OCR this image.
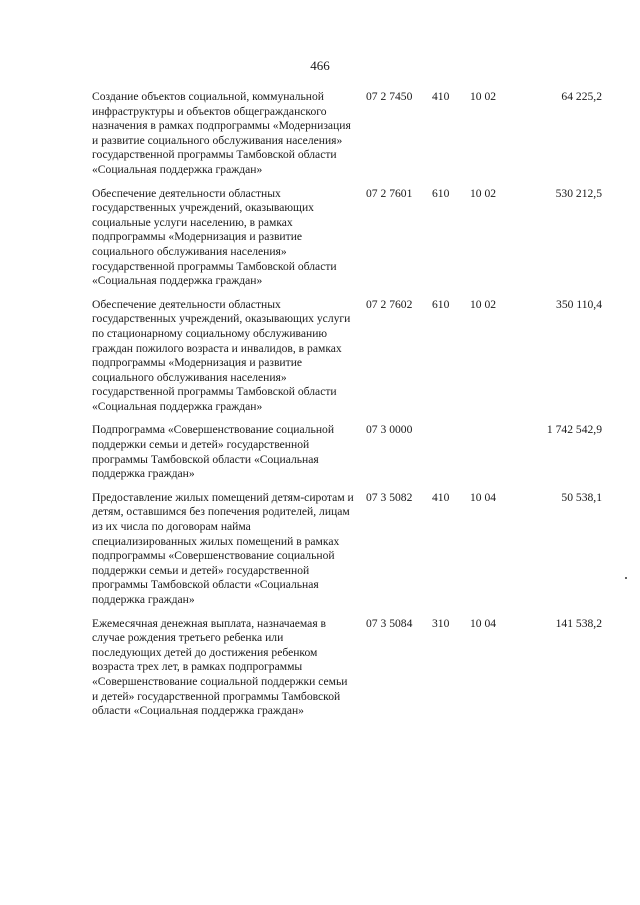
466
Создание объектов социальной, коммунальной инфраструктуры и объектов общегражданского назначения в рамках подпрограммы «Модернизация и развитие социального обслуживания населения» государственной программы Тамбовской области «Социальная поддержка граждан»
07 2 7450 410 10 02	64 225,2
Обеспечение деятельности областных государственных учреждений, оказывающих социальные услуги населению, в рамках подпрограммы «Модернизация и развитие социального обслуживания населения» государственной программы Тамбовской области «Социальная поддержка граждан»
07 2 7601 610 10 02	530 212,5
Обеспечение деятельности областных государственных учреждений, оказывающих услуги по стационарному социальному обслуживанию граждан пожилого возраста и инвалидов, в рамках подпрограммы «Модернизация и развитие социального обслуживания населения» государственной программы Тамбовской области «Социальная поддержка граждан»
07 2 7602 610 10 02	350 110,4
Подпрограмма «Совершенствование социальной поддержки семьи и детей» государственной программы Тамбовской области «Социальная поддержка граждан»
07 3 0000	1 742 542,9
Предоставление жилых помещений детям-сиротам и детям, оставшимся без попечения родителей, лицам из их числа по договорам найма специализированных жилых помещений в рамках подпрограммы «Совершенствование социальной поддержки семьи и детей» государственной программы Тамбовской области «Социальная поддержка граждан»
07 3 5082 410 10 04	50 538,1
Ежемесячная денежная выплата, назначаемая в случае рождения третьего ребенка или последующих детей до достижения ребенком возраста трех лет, в рамках подпрограммы «Совершенствование социальной поддержки семьи и детей» государственной программы Тамбовской области «Социальная поддержка граждан»
07 3 5084 310 10 04	141 538,2
